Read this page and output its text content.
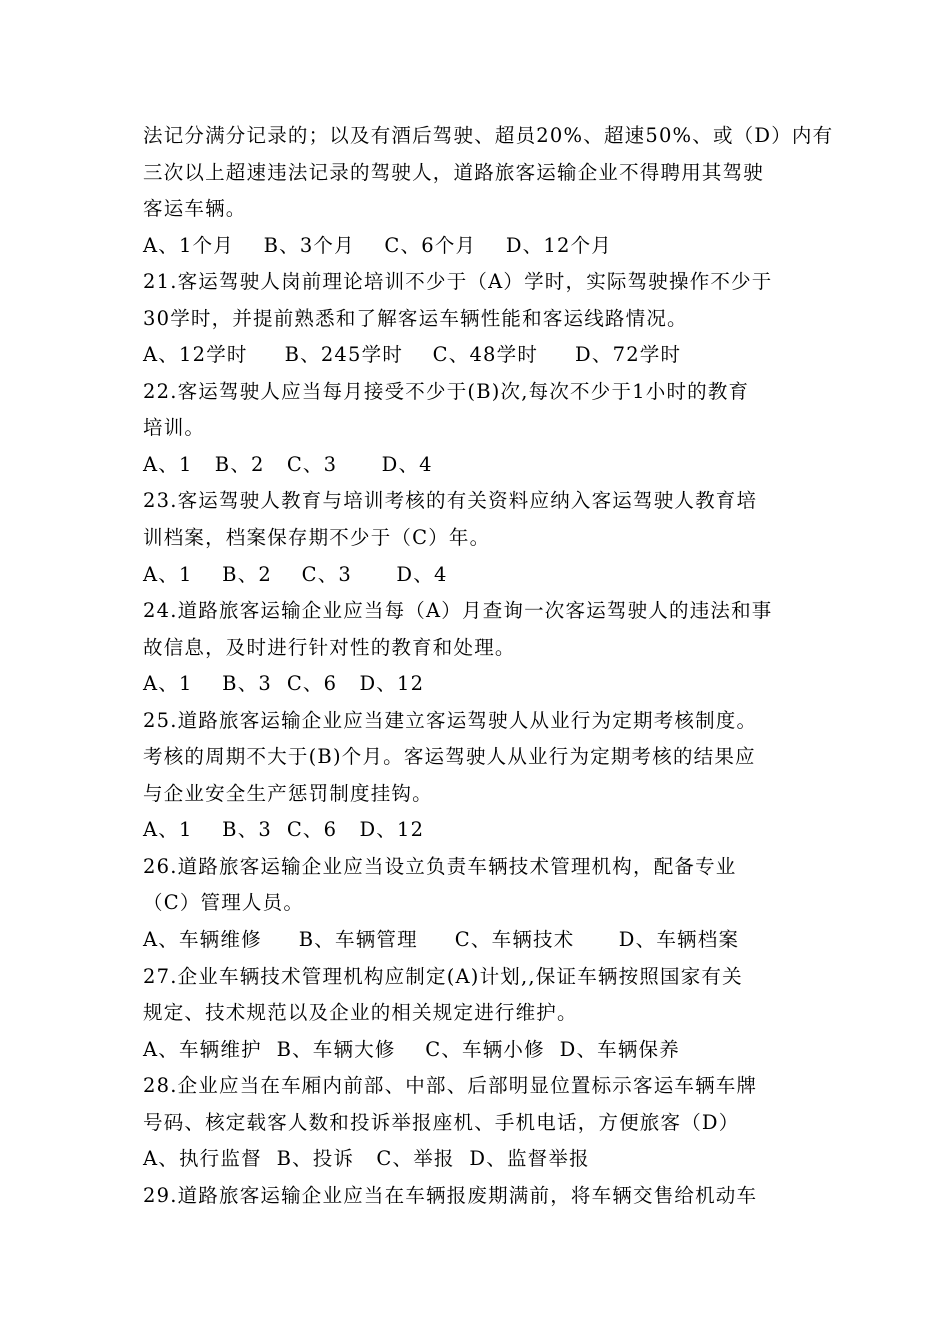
法记分满分记录的；以及有酒后驾驶、超员20%、超速50%、或（D）内有
三次以上超速违法记录的驾驶人，道路旅客运输企业不得聘用其驾驶
客运车辆。
A、1个月    B、3个月    C、6个月    D、12个月
21.客运驾驶人岗前理论培训不少于（A）学时，实际驾驶操作不少于
30学时，并提前熟悉和了解客运车辆性能和客运线路情况。
A、12学时     B、245学时    C、48学时     D、72学时
22.客运驾驶人应当每月接受不少于(B)次,每次不少于1小时的教育
培训。
A、1   B、2   C、3      D、4
23.客运驾驶人教育与培训考核的有关资料应纳入客运驾驶人教育培
训档案，档案保存期不少于（C）年。
A、1    B、2    C、3      D、4
24.道路旅客运输企业应当每（A）月查询一次客运驾驶人的违法和事
故信息，及时进行针对性的教育和处理。
A、1    B、3  C、6   D、12
25.道路旅客运输企业应当建立客运驾驶人从业行为定期考核制度。
考核的周期不大于(B)个月。客运驾驶人从业行为定期考核的结果应
与企业安全生产惩罚制度挂钩。
A、1    B、3  C、6   D、12
26.道路旅客运输企业应当设立负责车辆技术管理机构，配备专业
（C）管理人员。
A、车辆维修     B、车辆管理     C、车辆技术      D、车辆档案
27.企业车辆技术管理机构应制定(A)计划,,保证车辆按照国家有关
规定、技术规范以及企业的相关规定进行维护。
A、车辆维护  B、车辆大修    C、车辆小修  D、车辆保养
28.企业应当在车厢内前部、中部、后部明显位置标示客运车辆车牌
号码、核定载客人数和投诉举报座机、手机电话，方便旅客（D）
A、执行监督  B、投诉   C、举报  D、监督举报
29.道路旅客运输企业应当在车辆报废期满前，将车辆交售给机动车
